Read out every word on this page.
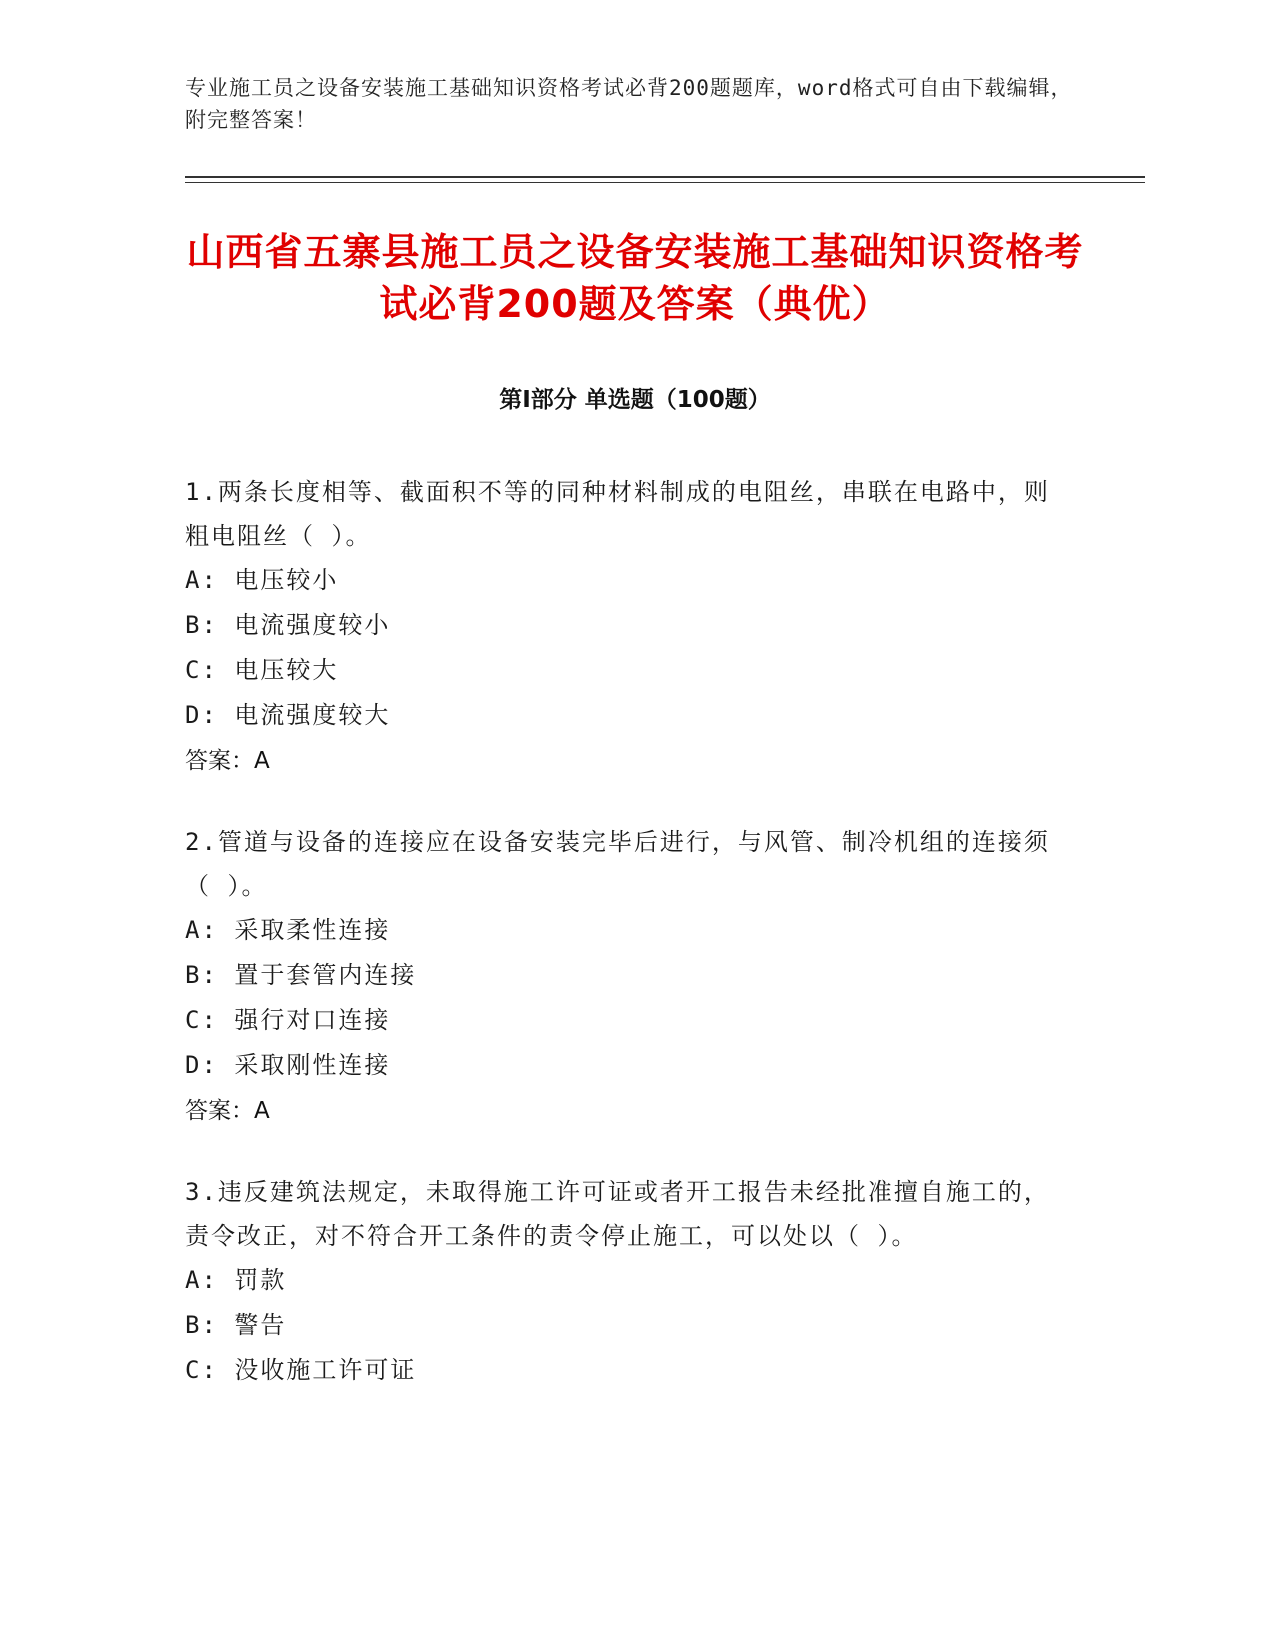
专业施工员之设备安装施工基础知识资格考试必背200题题库，word格式可自由下载编辑，附完整答案！
山西省五寨县施工员之设备安装施工基础知识资格考试必背200题及答案（典优）
第I部分 单选题（100题）
1.两条长度相等、截面积不等的同种材料制成的电阻丝，串联在电路中，则粗电阻丝（ ）。
A: 电压较小
B: 电流强度较小
C: 电压较大
D: 电流强度较大
答案：A
2.管道与设备的连接应在设备安装完毕后进行，与风管、制冷机组的连接须（ ）。
A: 采取柔性连接
B: 置于套管内连接
C: 强行对口连接
D: 采取刚性连接
答案：A
3.违反建筑法规定，未取得施工许可证或者开工报告未经批准擅自施工的，责令改正，对不符合开工条件的责令停止施工，可以处以（ ）。
A: 罚款
B: 警告
C: 没收施工许可证
